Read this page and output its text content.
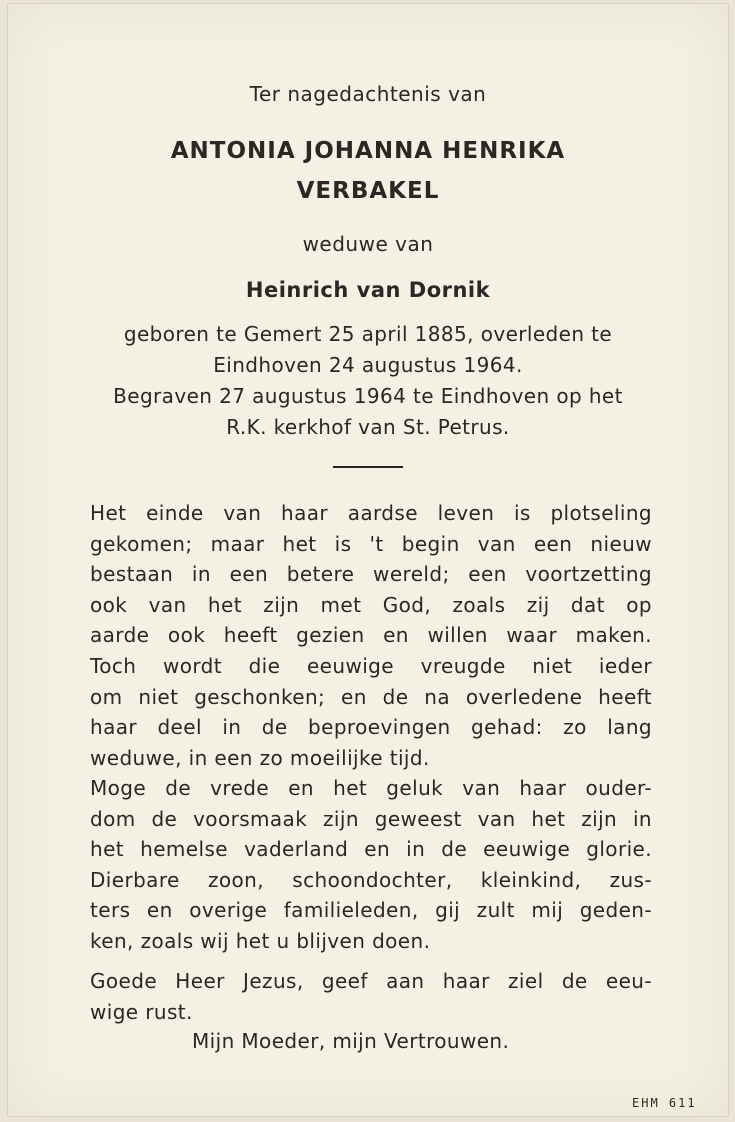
Ter nagedachtenis van
ANTONIA JOHANNA HENRIKA
VERBAKEL
weduwe van
Heinrich van Dornik
geboren te Gemert 25 april 1885, overleden te
Eindhoven 24 augustus 1964.
Begraven 27 augustus 1964 te Eindhoven op het
R.K. kerkhof van St. Petrus.
Het einde van haar aardse leven is plotseling
gekomen; maar het is 't begin van een nieuw
bestaan in een betere wereld; een voortzetting
ook van het zijn met God, zoals zij dat op
aarde ook heeft gezien en willen waar maken.
Toch wordt die eeuwige vreugde niet ieder
om niet geschonken; en de na overledene heeft
haar deel in de beproevingen gehad: zo lang
weduwe, in een zo moeilijke tijd.
Moge de vrede en het geluk van haar ouder-
dom de voorsmaak zijn geweest van het zijn in
het hemelse vaderland en in de eeuwige glorie.
Dierbare zoon, schoondochter, kleinkind, zus-
ters en overige familieleden, gij zult mij geden-
ken, zoals wij het u blijven doen.
Goede Heer Jezus, geef aan haar ziel de eeu-
wige rust.
Mijn Moeder, mijn Vertrouwen.
EHM 611
